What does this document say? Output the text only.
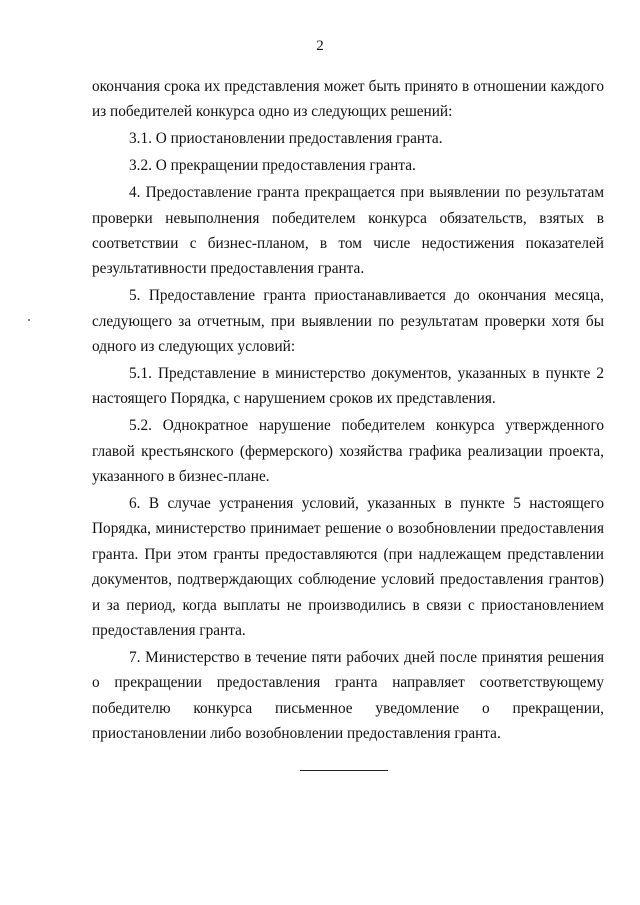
2

окончания срока их представления может быть принято в отношении каждого из победителей конкурса одно из следующих решений:

3.1. О приостановлении предоставления гранта.

3.2. О прекращении предоставления гранта.

4. Предоставление гранта прекращается при выявлении по результатам проверки невыполнения победителем конкурса обязательств, взятых в соответствии с бизнес-планом, в том числе недостижения показателей результативности предоставления гранта.

5. Предоставление гранта приостанавливается до окончания месяца, следующего за отчетным, при выявлении по результатам проверки хотя бы одного из следующих условий:

5.1. Представление в министерство документов, указанных в пункте 2 настоящего Порядка, с нарушением сроков их представления.

5.2. Однократное нарушение победителем конкурса утвержденного главой крестьянского (фермерского) хозяйства графика реализации проекта, указанного в бизнес-плане.

6. В случае устранения условий, указанных в пункте 5 настоящего Порядка, министерство принимает решение о возобновлении предоставления гранта. При этом гранты предоставляются (при надлежащем представлении документов, подтверждающих соблюдение условий предоставления грантов) и за период, когда выплаты не производились в связи с приостановлением предоставления гранта.

7. Министерство в течение пяти рабочих дней после принятия решения о прекращении предоставления гранта направляет соответствующему победителю конкурса письменное уведомление о прекращении, приостановлении либо возобновлении предоставления гранта.
